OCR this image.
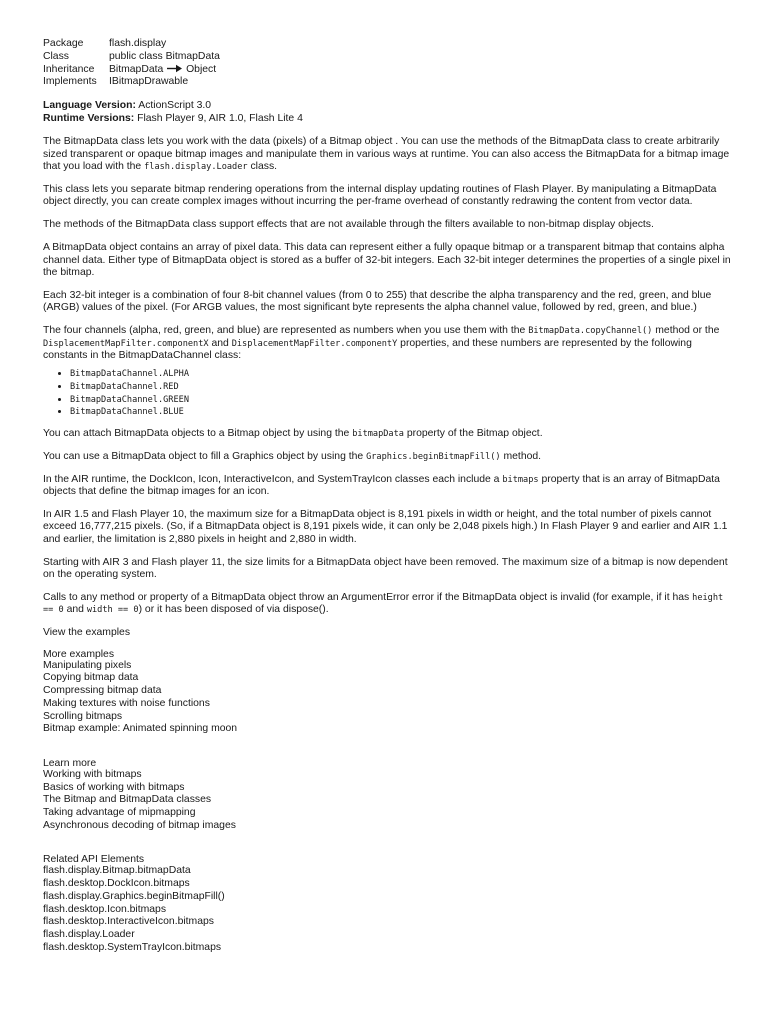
Package	flash.display
Class	public class BitmapData
Inheritance	BitmapData Object
Implements	IBitmapDrawable
Language Version: ActionScript 3.0
Runtime Versions: Flash Player 9, AIR 1.0, Flash Lite 4

The BitmapData class lets you work with the data (pixels) of a Bitmap object . You can use the methods of the BitmapData class to create arbitrarily sized transparent or opaque bitmap images and manipulate them in various ways at runtime. You can also access the BitmapData for a bitmap image that you load with the flash.display.Loader class.

This class lets you separate bitmap rendering operations from the internal display updating routines of Flash Player. By manipulating a BitmapData object directly, you can create complex images without incurring the per-frame overhead of constantly redrawing the content from vector data.

The methods of the BitmapData class support effects that are not available through the filters available to non-bitmap display objects.

A BitmapData object contains an array of pixel data. This data can represent either a fully opaque bitmap or a transparent bitmap that contains alpha channel data. Either type of BitmapData object is stored as a buffer of 32-bit integers. Each 32-bit integer determines the properties of a single pixel in the bitmap.

Each 32-bit integer is a combination of four 8-bit channel values (from 0 to 255) that describe the alpha transparency and the red, green, and blue (ARGB) values of the pixel. (For ARGB values, the most significant byte represents the alpha channel value, followed by red, green, and blue.)

The four channels (alpha, red, green, and blue) are represented as numbers when you use them with the BitmapData.copyChannel() method or the DisplacementMapFilter.componentX and DisplacementMapFilter.componentY properties, and these numbers are represented by the following constants in the BitmapDataChannel class:

• BitmapDataChannel.ALPHA
• BitmapDataChannel.RED
• BitmapDataChannel.GREEN
• BitmapDataChannel.BLUE

You can attach BitmapData objects to a Bitmap object by using the bitmapData property of the Bitmap object.

You can use a BitmapData object to fill a Graphics object by using the Graphics.beginBitmapFill() method.

In the AIR runtime, the DockIcon, Icon, InteractiveIcon, and SystemTrayIcon classes each include a bitmaps property that is an array of BitmapData objects that define the bitmap images for an icon.

In AIR 1.5 and Flash Player 10, the maximum size for a BitmapData object is 8,191 pixels in width or height, and the total number of pixels cannot exceed 16,777,215 pixels. (So, if a BitmapData object is 8,191 pixels wide, it can only be 2,048 pixels high.) In Flash Player 9 and earlier and AIR 1.1 and earlier, the limitation is 2,880 pixels in height and 2,880 in width.

Starting with AIR 3 and Flash player 11, the size limits for a BitmapData object have been removed. The maximum size of a bitmap is now dependent on the operating system.

Calls to any method or property of a BitmapData object throw an ArgumentError error if the BitmapData object is invalid (for example, if it has height == 0 and width == 0) or it has been disposed of via dispose().

View the examples

More examples
Manipulating pixels
Copying bitmap data
Compressing bitmap data
Making textures with noise functions
Scrolling bitmaps
Bitmap example: Animated spinning moon
Learn more
Working with bitmaps
Basics of working with bitmaps
The Bitmap and BitmapData classes
Taking advantage of mipmapping
Asynchronous decoding of bitmap images
Related API Elements
flash.display.Bitmap.bitmapData
flash.desktop.DockIcon.bitmaps
flash.display.Graphics.beginBitmapFill()
flash.desktop.Icon.bitmaps
flash.desktop.InteractiveIcon.bitmaps
flash.display.Loader
flash.desktop.SystemTrayIcon.bitmaps
